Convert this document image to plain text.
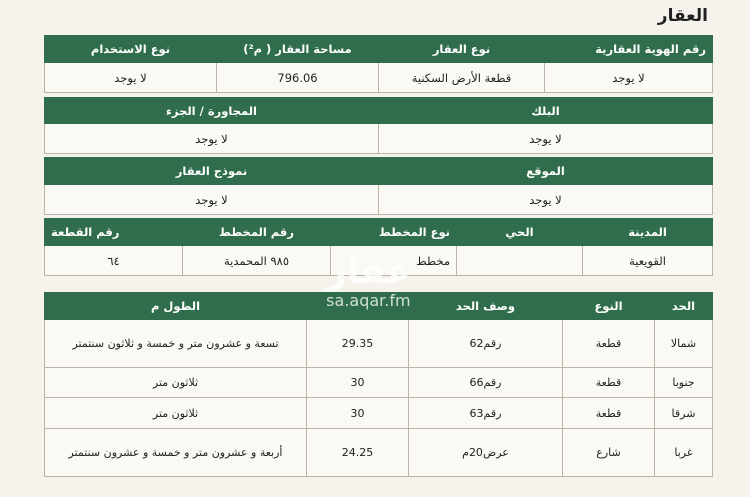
العقار
رقم الهوية العقارية	نوع العقار	مساحة العقار ( م²)	نوع الاستخدام
لا يوجد	قطعة الأرض السكنية	796.06	لا يوجد
البلك	المجاورة / الجزء
لا يوجد	لا يوجد
الموقع	نموذج العقار
لا يوجد	لا يوجد
المدينة	الحي	نوع المخطط	رقم المخطط	رقم القطعة
القويعية		مخطط	٩٨٥ المحمدية	٦٤
الحد	النوع	وصف الحد		الطول م
شمالا	قطعة	رقم62	29.35	تسعة و عشرون متر و خمسة و ثلاثون سنتمتر
جنوبا	قطعة	رقم66	30	ثلاثون متر
شرقا	قطعة	رقم63	30	ثلاثون متر
غربا	شارع	عرض20م	24.25	أربعة و عشرون متر و خمسة و عشرون سنتمتر
عقار
sa.aqar.fm
